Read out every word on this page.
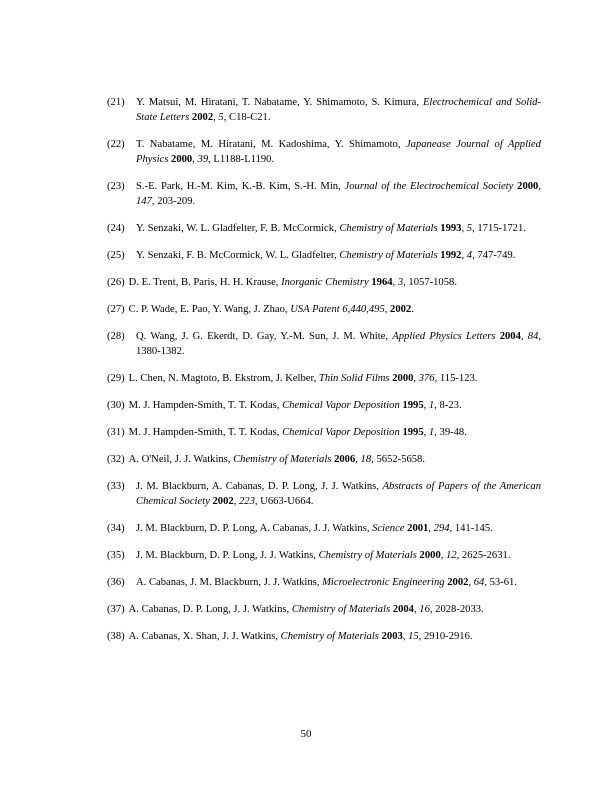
(21) Y. Matsui, M. Hiratani, T. Nabatame, Y. Shimamoto, S. Kimura, Electrochemical and Solid-State Letters 2002, 5, C18-C21.

(22) T. Nabatame, M. Hiratani, M. Kadoshima, Y. Shimamoto, Japanease Journal of Applied Physics 2000, 39, L1188-L1190.

(23) S.-E. Park, H.-M. Kim, K.-B. Kim, S.-H. Min, Journal of the Electrochemical Society 2000, 147, 203-209.

(24) Y. Senzaki, W. L. Gladfelter, F. B. McCormick, Chemistry of Materials 1993, 5, 1715-1721.

(25) Y. Senzaki, F. B. McCormick, W. L. Gladfelter, Chemistry of Materials 1992, 4, 747-749.

(26) D. E. Trent, B. Paris, H. H. Krause, Inorganic Chemistry 1964, 3, 1057-1058.

(27) C. P. Wade, E. Pao, Y. Wang, J. Zhao, USA Patent 6,440,495, 2002.

(28) Q. Wang, J. G. Ekerdt, D. Gay, Y.-M. Sun, J. M. White, Applied Physics Letters 2004, 84, 1380-1382.

(29) L. Chen, N. Magtoto, B. Ekstrom, J. Kelber, Thin Solid Films 2000, 376, 115-123.

(30) M. J. Hampden-Smith, T. T. Kodas, Chemical Vapor Deposition 1995, 1, 8-23.

(31) M. J. Hampden-Smith, T. T. Kodas, Chemical Vapor Deposition 1995, 1, 39-48.

(32) A. O'Neil, J. J. Watkins, Chemistry of Materials 2006, 18, 5652-5658.

(33) J. M. Blackburn, A. Cabanas, D. P. Long, J. J. Watkins, Abstracts of Papers of the American Chemical Society 2002, 223, U663-U664.

(34) J. M. Blackburn, D. P. Long, A. Cabanas, J. J. Watkins, Science 2001, 294, 141-145.

(35) J. M. Blackburn, D. P. Long, J. J. Watkins, Chemistry of Materials 2000, 12, 2625-2631.

(36) A. Cabanas, J. M. Blackburn, J. J. Watkins, Microelectronic Engineering 2002, 64, 53-61.

(37) A. Cabanas, D. P. Long, J. J. Watkins, Chemistry of Materials 2004, 16, 2028-2033.

(38) A. Cabanas, X. Shan, J. J. Watkins, Chemistry of Materials 2003, 15, 2910-2916.

50
